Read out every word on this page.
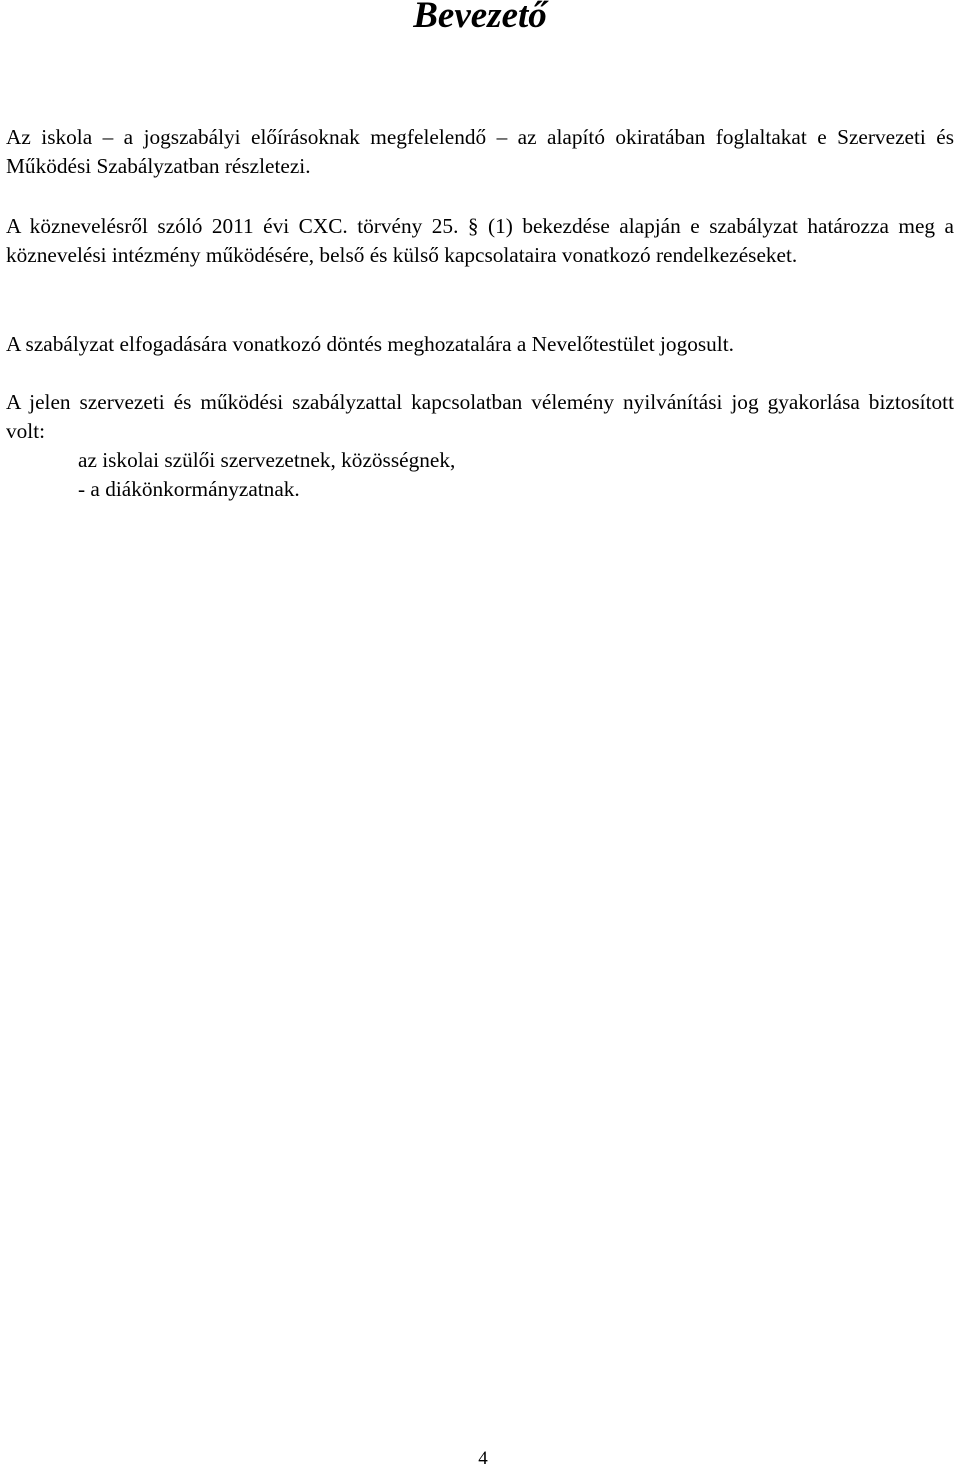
Bevezető

Az iskola – a jogszabályi előírásoknak megfelelendő – az alapító okiratában foglaltakat e Szervezeti és Működési Szabályzatban részletezi.

A köznevelésről szóló 2011 évi CXC. törvény 25. § (1) bekezdése alapján e szabályzat határozza meg a köznevelési intézmény működésére, belső és külső kapcsolataira vonatkozó rendelkezéseket.

A szabályzat elfogadására vonatkozó döntés meghozatalára a Nevelőtestület jogosult.

A jelen szervezeti és működési szabályzattal kapcsolatban vélemény nyilvánítási jog gyakorlása biztosított volt:

az iskolai szülői szervezetnek, közösségnek,
- a diákönkormányzatnak.

4
